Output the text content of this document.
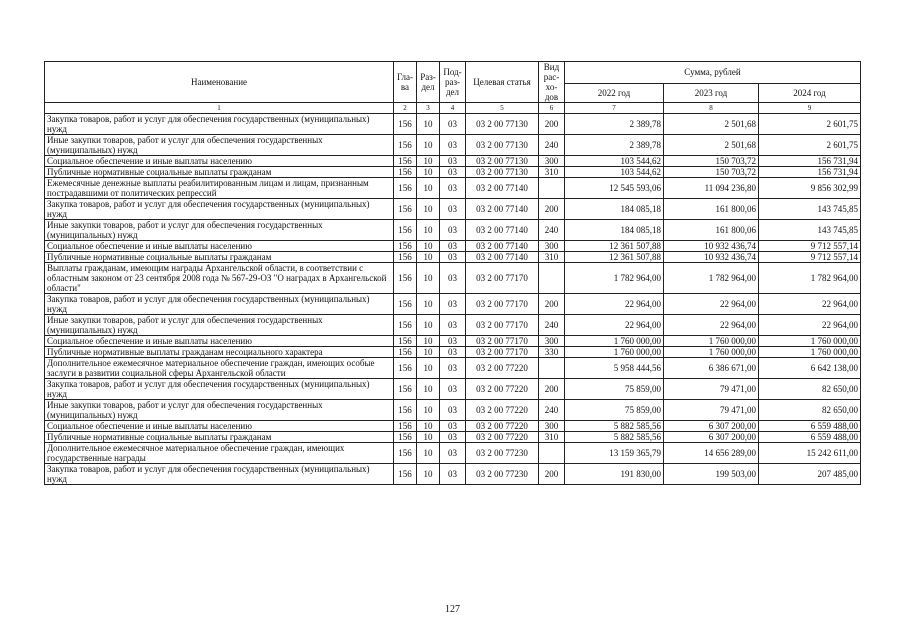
Наименование	Гла-ва	Раз-дел	Под-раз-дел	Целевая статья	Вид рас-хо-дов	Сумма, рублей		
						2022 год	2023 год	2024 год
1	2	3	4	5	6	7	8	9
Закупка товаров, работ и услуг для обеспечения государственных (муниципальных) нужд	156	10	03	03 2 00 77130	200	2 389,78	2 501,68	2 601,75
Иные закупки товаров, работ и услуг для обеспечения государственных (муниципальных) нужд	156	10	03	03 2 00 77130	240	2 389,78	2 501,68	2 601,75
Социальное обеспечение и иные выплаты населению	156	10	03	03 2 00 77130	300	103 544,62	150 703,72	156 731,94
Публичные нормативные социальные выплаты гражданам	156	10	03	03 2 00 77130	310	103 544,62	150 703,72	156 731,94
Ежемесячные денежные выплаты реабилитированным лицам и лицам, признанным пострадавшими от политических репрессий	156	10	03	03 2 00 77140		12 545 593,06	11 094 236,80	9 856 302,99
Закупка товаров, работ и услуг для обеспечения государственных (муниципальных) нужд	156	10	03	03 2 00 77140	200	184 085,18	161 800,06	143 745,85
Иные закупки товаров, работ и услуг для обеспечения государственных (муниципальных) нужд	156	10	03	03 2 00 77140	240	184 085,18	161 800,06	143 745,85
Социальное обеспечение и иные выплаты населению	156	10	03	03 2 00 77140	300	12 361 507,88	10 932 436,74	9 712 557,14
Публичные нормативные социальные выплаты гражданам	156	10	03	03 2 00 77140	310	12 361 507,88	10 932 436,74	9 712 557,14
Выплаты гражданам, имеющим награды Архангельской области, в соответствии с областным законом от 23 сентября 2008 года № 567-29-ОЗ "О наградах в Архангельской области"	156	10	03	03 2 00 77170		1 782 964,00	1 782 964,00	1 782 964,00
Закупка товаров, работ и услуг для обеспечения государственных (муниципальных) нужд	156	10	03	03 2 00 77170	200	22 964,00	22 964,00	22 964,00
Иные закупки товаров, работ и услуг для обеспечения государственных (муниципальных) нужд	156	10	03	03 2 00 77170	240	22 964,00	22 964,00	22 964,00
Социальное обеспечение и иные выплаты населению	156	10	03	03 2 00 77170	300	1 760 000,00	1 760 000,00	1 760 000,00
Публичные нормативные выплаты гражданам несоциального характера	156	10	03	03 2 00 77170	330	1 760 000,00	1 760 000,00	1 760 000,00
Дополнительное ежемесячное материальное обеспечение граждан, имеющих особые заслуги в развитии социальной сферы Архангельской области	156	10	03	03 2 00 77220		5 958 444,56	6 386 671,00	6 642 138,00
Закупка товаров, работ и услуг для обеспечения государственных (муниципальных) нужд	156	10	03	03 2 00 77220	200	75 859,00	79 471,00	82 650,00
Иные закупки товаров, работ и услуг для обеспечения государственных (муниципальных) нужд	156	10	03	03 2 00 77220	240	75 859,00	79 471,00	82 650,00
Социальное обеспечение и иные выплаты населению	156	10	03	03 2 00 77220	300	5 882 585,56	6 307 200,00	6 559 488,00
Публичные нормативные социальные выплаты гражданам	156	10	03	03 2 00 77220	310	5 882 585,56	6 307 200,00	6 559 488,00
Дополнительное ежемесячное материальное обеспечение граждан, имеющих государственные награды	156	10	03	03 2 00 77230		13 159 365,79	14 656 289,00	15 242 611,00
Закупка товаров, работ и услуг для обеспечения государственных (муниципальных) нужд	156	10	03	03 2 00 77230	200	191 830,00	199 503,00	207 485,00
127
